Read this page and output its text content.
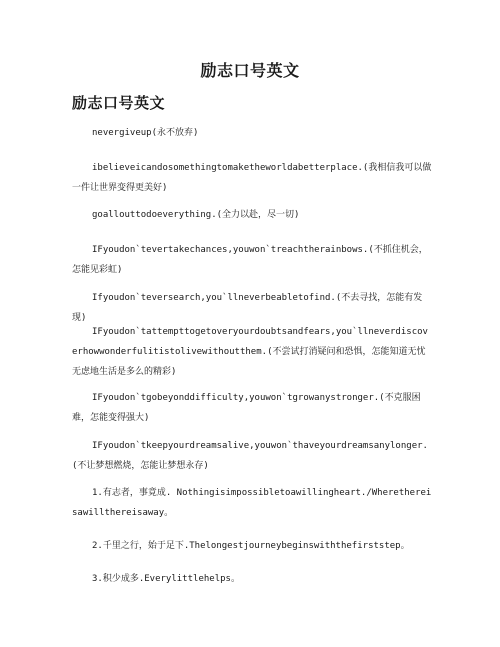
励志口号英文
励志口号英文
nevergiveup(永不放弃)
ibelieveicandosomethingtomaketheworldabetterplace.(我相信我可以做一件让世界变得更美好)
goallouttodoeverything.(全力以赴，尽一切)
IFyoudon`tevertakechances,youwon`treachtherainbows.(不抓住机会，怎能见彩虹)
Ifyoudon`teversearch,you`llneverbeabletofind.(不去寻找，怎能有发现)
IFyoudon`tattempttogetoveryourdoubtsandfears,you`llneverdiscoverhowwonderfulitistolivewithoutthem.(不尝试打消疑问和恐惧，怎能知道无忧无虑地生活是多么的精彩)
IFyoudon`tgobeyonddifficulty,youwon`tgrowanystronger.(不克服困难，怎能变得强大)
IFyoudon`tkeepyourdreamsalive,youwon`thaveyourdreamsanylonger.(不让梦想燃烧，怎能让梦想永存)
1.有志者，事竟成. Nothingisimpossibletoawillingheart./Wherethereisawillthereisaway。
2.千里之行，始于足下.Thelongestjourneybeginswiththefirststep。
3.积少成多.Everylittlehelps。
